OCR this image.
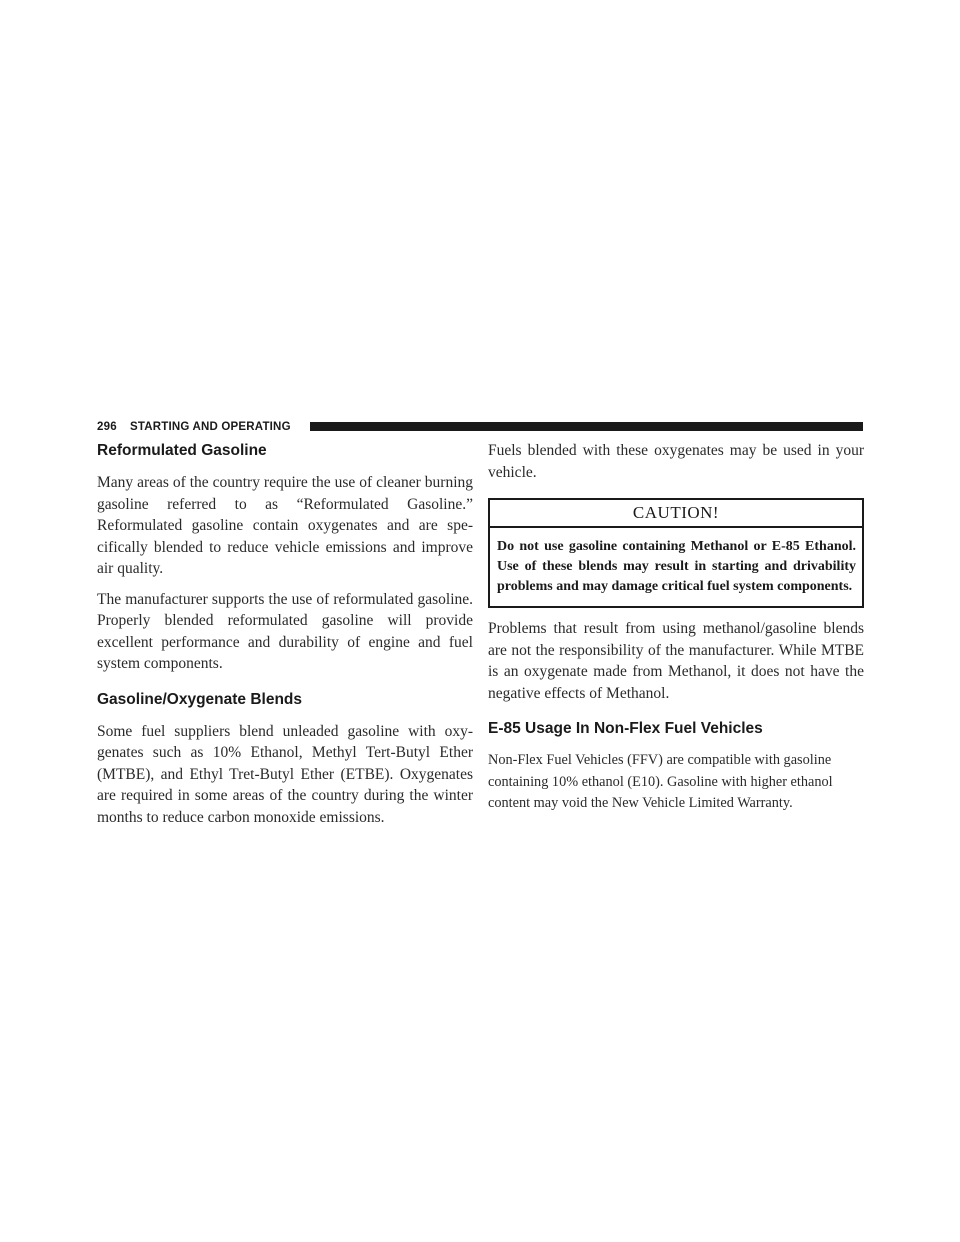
296 STARTING AND OPERATING
Reformulated Gasoline

Many areas of the country require the use of cleaner burning gasoline referred to as “Reformulated Gasoline.” Reformulated gasoline contain oxygenates and are specifically blended to reduce vehicle emissions and improve air quality.

The manufacturer supports the use of reformulated gasoline. Properly blended reformulated gasoline will provide excellent performance and durability of engine and fuel system components.

Gasoline/Oxygenate Blends

Some fuel suppliers blend unleaded gasoline with oxygenates such as 10% Ethanol, Methyl Tert-Butyl Ether (MTBE), and Ethyl Tret-Butyl Ether (ETBE). Oxygenates are required in some areas of the country during the winter months to reduce carbon monoxide emissions.

Fuels blended with these oxygenates may be used in your vehicle.

CAUTION!
Do not use gasoline containing Methanol or E-85 Ethanol. Use of these blends may result in starting and drivability problems and may damage critical fuel system components.

Problems that result from using methanol/gasoline blends are not the responsibility of the manufacturer. While MTBE is an oxygenate made from Methanol, it does not have the negative effects of Methanol.

E-85 Usage In Non-Flex Fuel Vehicles

Non-Flex Fuel Vehicles (FFV) are compatible with gasoline containing 10% ethanol (E10). Gasoline with higher ethanol content may void the New Vehicle Limited Warranty.
